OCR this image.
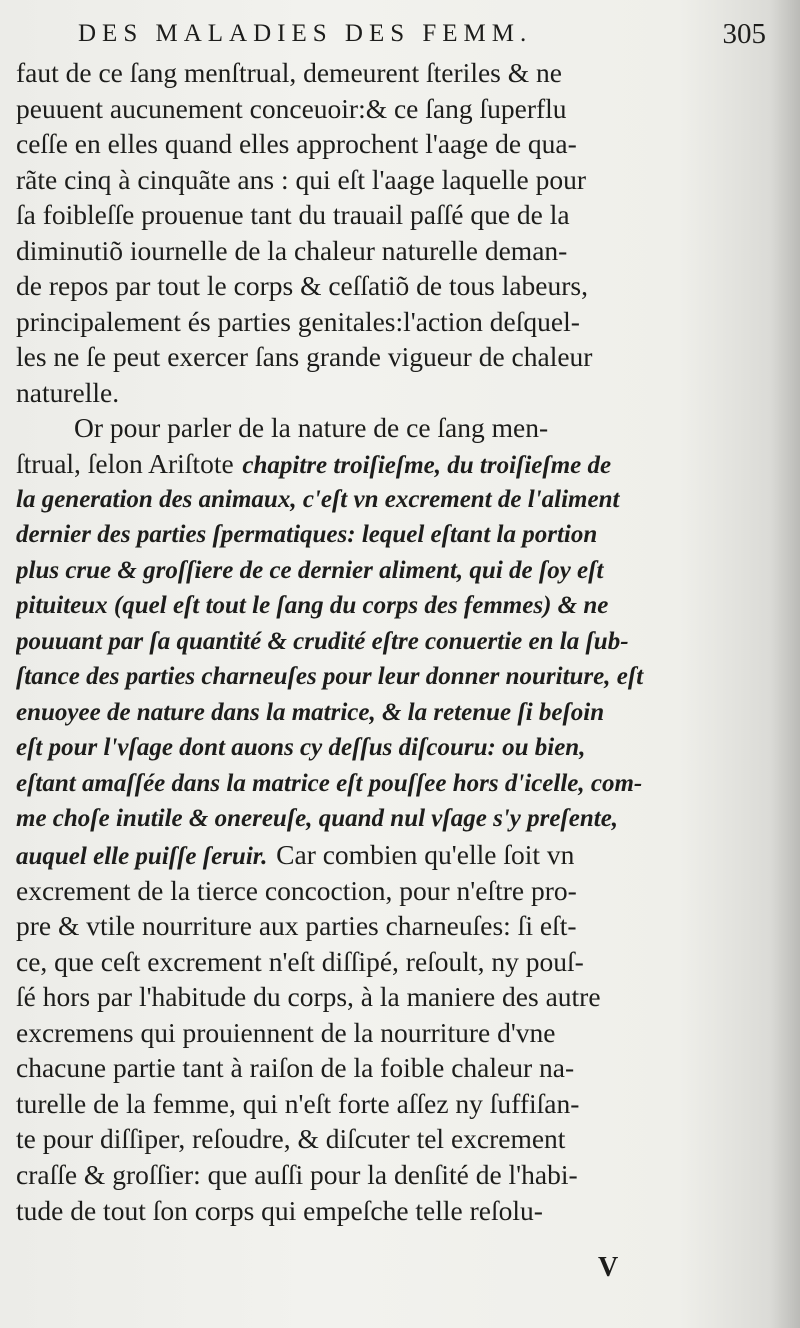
DES MALADIES DES FEMM.	305
faut de ce ſang menſtrual, demeurent ſteriles & ne
peuuent aucunement conceuoir:& ce ſang ſuperflu
ceſſe en elles quand elles approchent l'aage de qua-
rãte cinq à cinquãte ans : qui eſt l'aage laquelle pour
ſa foibleſſe prouenue tant du trauail paſſé que de la
diminutiõ iournelle de la chaleur naturelle deman-
de repos par tout le corps & ceſſatiõ de tous labeurs,
principalement és parties genitales:l'action deſquel-
les ne ſe peut exercer ſans grande vigueur de chaleur
naturelle.
Or pour parler de la nature de ce ſang men-
ſtrual, ſelon Ariſtote chapitre troiſieſme, du troiſieſme de
la generation des animaux, c'eſt vn excrement de l'aliment
dernier des parties ſpermatiques: lequel eſtant la portion
plus crue & groſſiere de ce dernier aliment, qui de ſoy eſt
pituiteux (quel eſt tout le ſang du corps des femmes) & ne
pouuant par ſa quantité & crudité eſtre conuertie en la ſub-
ſtance des parties charneuſes pour leur donner nouriture, eſt
enuoyee de nature dans la matrice, & la retenue ſi beſoin
eſt pour l'vſage dont auons cy deſſus diſcouru: ou bien,
eſtant amaſſée dans la matrice eſt pouſſee hors d'icelle, com-
me choſe inutile & onereuſe, quand nul vſage s'y preſente,
auquel elle puiſſe ſeruir. Car combien qu'elle ſoit vn
excrement de la tierce concoction, pour n'eſtre pro-
pre & vtile nourriture aux parties charneuſes: ſi eſt-
ce, que ceſt excrement n'eſt diſſipé, reſoult, ny pouſ-
ſé hors par l'habitude du corps, à la maniere des autre
excremens qui prouiennent de la nourriture d'vne
chacune partie tant à raiſon de la foible chaleur na-
turelle de la femme, qui n'eſt forte aſſez ny ſuffiſan-
te pour diſſiper, reſoudre, & diſcuter tel excrement
craſſe & groſſier: que auſſi pour la denſité de l'habi-
tude de tout ſon corps qui empeſche telle reſolu-
V
